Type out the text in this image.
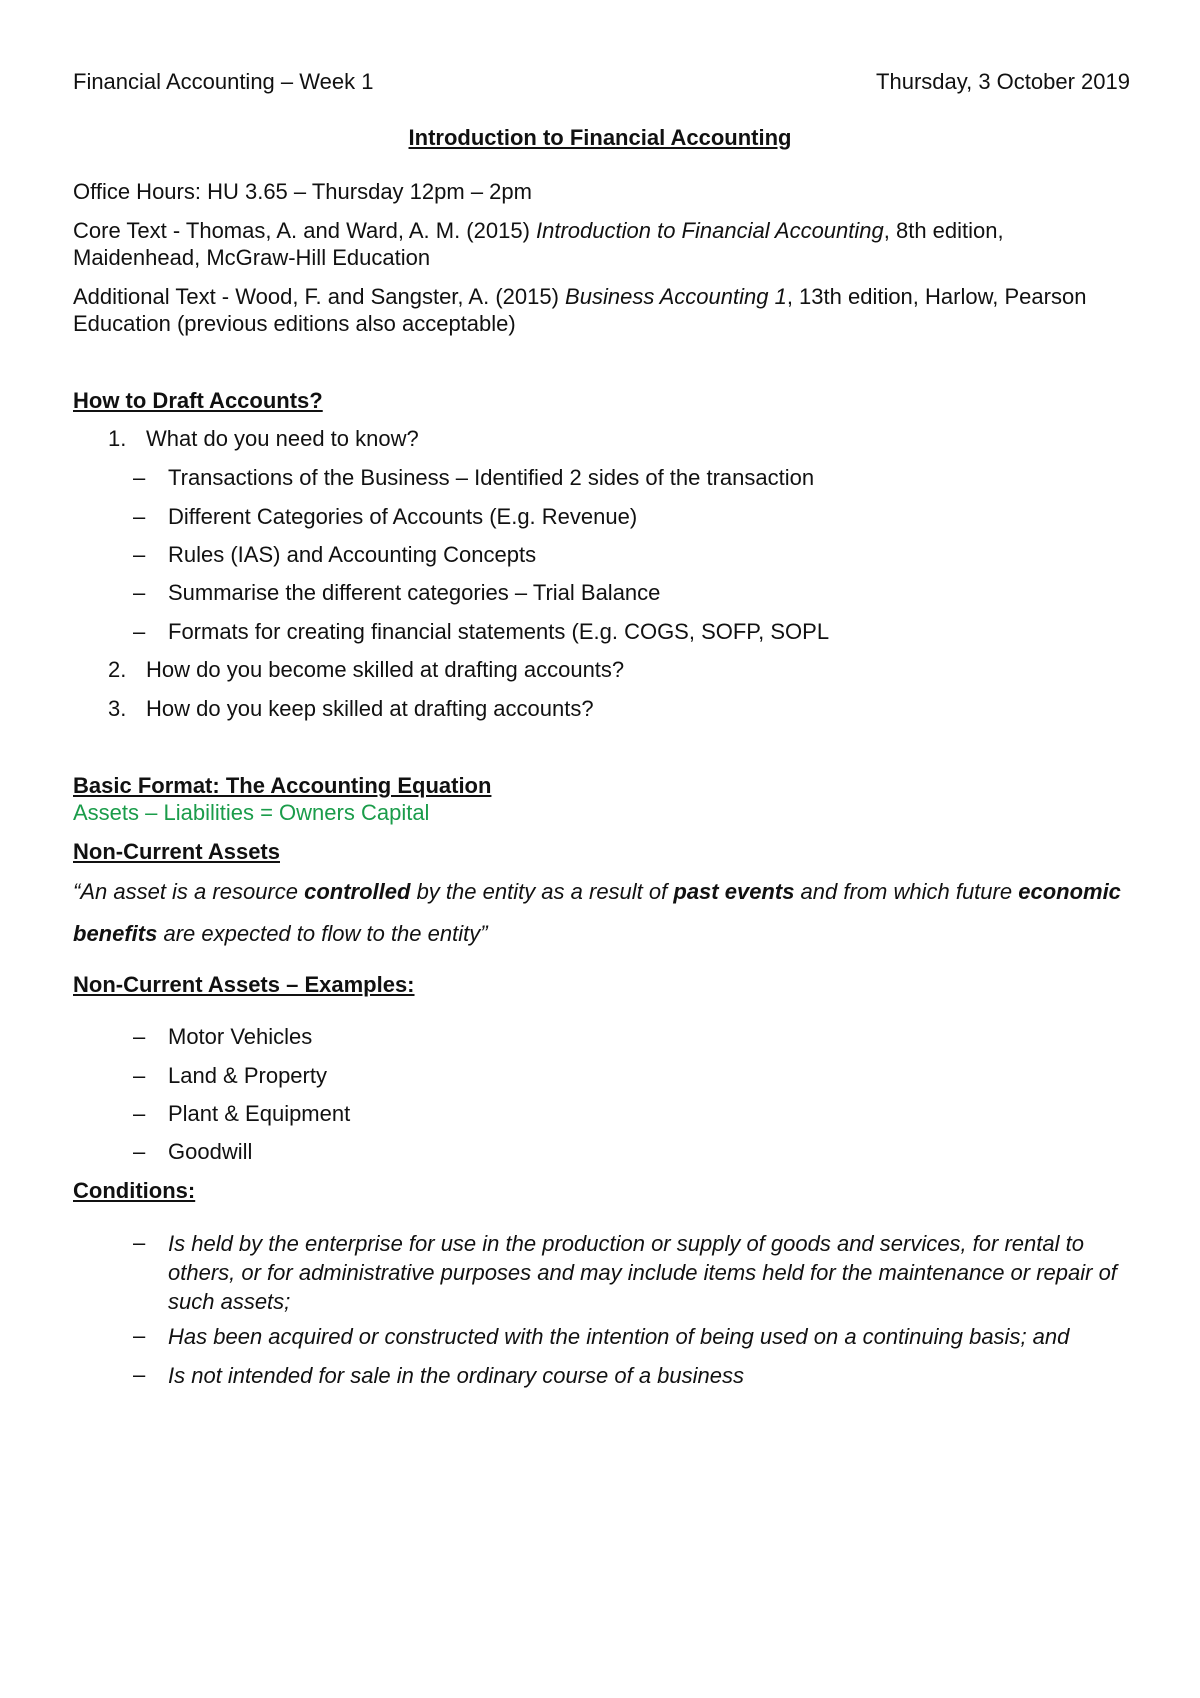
Financial Accounting – Week 1	Thursday, 3 October 2019
Introduction to Financial Accounting
Office Hours: HU 3.65 – Thursday 12pm – 2pm
Core Text - Thomas, A. and Ward, A. M. (2015) Introduction to Financial Accounting, 8th edition,
Maidenhead, McGraw-Hill Education
Additional Text - Wood, F. and Sangster, A. (2015) Business Accounting 1, 13th edition, Harlow, Pearson
Education (previous editions also acceptable)
How to Draft Accounts?
1. What do you need to know?
– Transactions of the Business – Identified 2 sides of the transaction
– Different Categories of Accounts (E.g. Revenue)
– Rules (IAS) and Accounting Concepts
– Summarise the different categories – Trial Balance
– Formats for creating financial statements (E.g. COGS, SOFP, SOPL
2. How do you become skilled at drafting accounts?
3. How do you keep skilled at drafting accounts?
Basic Format: The Accounting Equation
Assets – Liabilities = Owners Capital
Non-Current Assets
“An asset is a resource controlled by the entity as a result of past events and from which future economic
benefits are expected to flow to the entity”
Non-Current Assets – Examples:
– Motor Vehicles
– Land & Property
– Plant & Equipment
– Goodwill
Conditions:
– Is held by the enterprise for use in the production or supply of goods and services, for rental to others, or for administrative purposes and may include items held for the maintenance or repair of such assets;
– Has been acquired or constructed with the intention of being used on a continuing basis; and
– Is not intended for sale in the ordinary course of a business
